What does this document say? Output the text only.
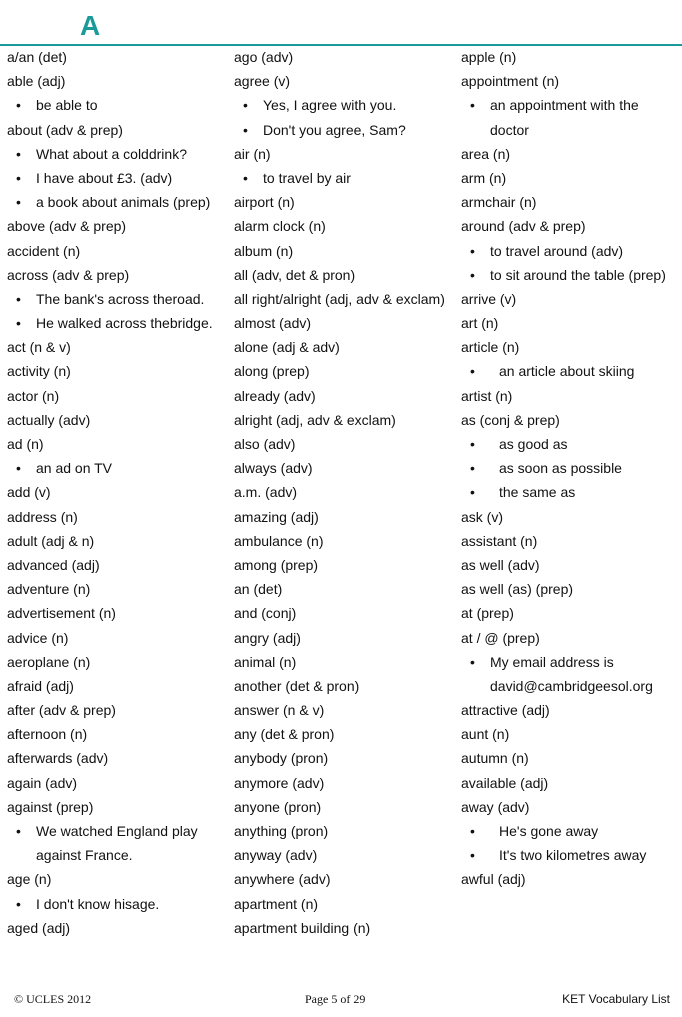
A
a/an (det)
able (adj)
•	be able to
about (adv & prep)
•	What about a colddrink?
•	I have about £3. (adv)
•	a book about animals (prep)
above (adv & prep)
accident (n)
across (adv & prep)
•	The bank's across theroad.
•	He walked across thebridge.
act (n & v)
activity (n)
actor (n)
actually (adv)
ad (n)
•	an ad on TV
add (v)
address (n)
adult (adj & n)
advanced (adj)
adventure (n)
advertisement (n)
advice (n)
aeroplane (n)
afraid (adj)
after (adv & prep)
afternoon (n)
afterwards (adv)
again (adv)
against (prep)
•	We watched England play
against France.
age (n)
•	I don't know hisage.
aged (adj)
ago (adv)
agree (v)
•	Yes, I agree with you.
•	Don't you agree, Sam?
air (n)
•	to travel by air
airport (n)
alarm clock (n)
album (n)
all (adv, det & pron)
all right/alright (adj, adv & exclam)
almost (adv)
alone (adj & adv)
along (prep)
already (adv)
alright (adj, adv & exclam)
also (adv)
always (adv)
a.m. (adv)
amazing (adj)
ambulance (n)
among (prep)
an (det)
and (conj)
angry (adj)
animal (n)
another (det & pron)
answer (n & v)
any (det & pron)
anybody (pron)
anymore (adv)
anyone (pron)
anything (pron)
anyway (adv)
anywhere (adv)
apartment (n)
apartment building (n)
apple (n)
appointment (n)
•	an appointment with the
doctor
area (n)
arm (n)
armchair (n)
around (adv & prep)
•	to travel around (adv)
•	to sit around the table (prep)
arrive (v)
art (n)
article (n)
•	an article about skiing
artist (n)
as (conj & prep)
•	as good as
•	as soon as possible
•	the same as
ask (v)
assistant (n)
as well (adv)
as well (as) (prep)
at (prep)
at / @ (prep)
•	My email address is
david@cambridgeesol.org
attractive (adj)
aunt (n)
autumn (n)
available (adj)
away (adv)
•	He's gone away
•	It's two kilometres away
awful (adj)
© UCLES 2012	Page 5 of 29	KET Vocabulary List
